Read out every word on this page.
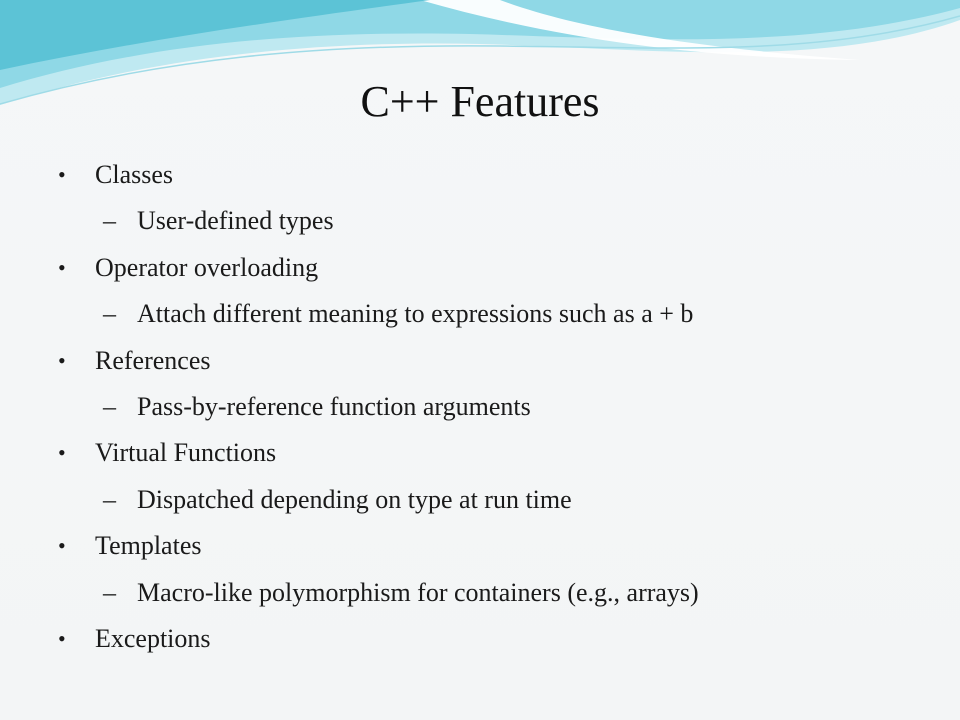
C++ Features
• Classes
– User-defined types
• Operator overloading
– Attach different meaning to expressions such as a + b
• References
– Pass-by-reference function arguments
• Virtual Functions
– Dispatched depending on type at run time
• Templates
– Macro-like polymorphism for containers (e.g., arrays)
• Exceptions
